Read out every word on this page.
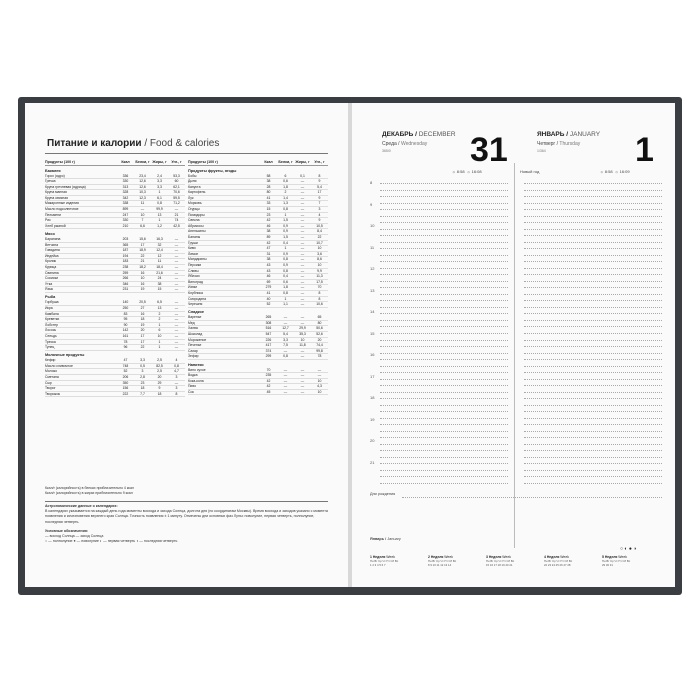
Питание и калории / Food & calories
Продукты (100 г)	Ккал	Белки, г Жиры, г	Угл., г
Бакалея
Горох (ядро)	336	23,4	2,4	53,3
Гречка	330	12,6	3,3	60
Крупа гречневая (ядрица)	313	12,6	3,3	62,1
Крупа манная	328	10,3	1	70,6
Крупа овсяная	342	12,3	6,1	59,5
Макаронные изделия	338	11	0,8	71,2
Масло подсолнечное	899	—	99,9	—
Пельмени	247	10	13	21
Рис	330	7	1	74
Хлеб ржаной	210	6,6	1,2	42,5
Мясо
Баранина	203	15,6	16,3	—
Ветчина	365	17	32	—
Говядина	187	18,9	12,4	—
Индейка	194	22	12	—
Кролик	183	21	11	—
Курица	238	18,2	18,4	—
Свинина	259	16	21,6	—
Сосиски	266	10	24	—
Утка	346	16	38	—
Язык	231	19	15	—
Рыба
Горбуша	140	20,5	6,5	—
Икра	250	27	13	—
Камбала	83	16	2	—
Креветки	95	18	2	—
Лобстер	90	19	1	—
Лосось	142	20	6	—
Сельдь	161	17	10	—
Треска	78	17	1	—
Тунец	96	22	1	—
Молочные продукты
Кефир	47	3,3	2,5	4
Масло сливочное	748	0,5	82,5	0,8
Молоко	52	3	2,5	4,7
Сметана	206	2,8	20	3
Сыр	350	23	29	—
Творог	156	18	9	3
Творожок	222	7,7	18	8
Продукты (100 г)	Ккал	Белки, г Жиры, г	Угл., г
Продукты фрукты, ягоды
Бобы	58	6	0,1	8
Дыня	38	0,6	—	9
Капуста	28	1,8	—	5,4
Картофель	80	2	—	17
Лук	41	1,4	—	9
Морковь	33	1,3	—	7
Огурцы	15	0,8	—	3
Помидоры	23	1	—	4
Свекла	42	1,5	—	9
Абрикосы	46	0,9	—	10,5
Апельсины	38	0,9	—	8,4
Бананы	89	1,5	—	22
Груши	42	0,4	—	10,7
Киви	47	1	—	10
Лимон	31	0,9	—	3,6
Мандарины	38	0,8	—	8,6
Персики	43	0,9	—	10
Сливы	43	0,8	—	9,9
Яблоки	46	0,4	—	11,3
Виноград	69	0,6	—	17,5
Изюм	279	1,8	—	70
Клубника	41	0,8	—	8
Смородина	40	1	—	8
Черешня	52	1,1	—	10,6
Сладкое
Варенье	265	—	—	65
Мед	308	—	—	80
Халва	516	12,7	29,9	50,6
Шоколад	547	5,4	35,3	52,6
Мороженое	226	3,3	10	20
Печенье	417	7,5	11,8	74,4
Сахар	374	—	—	99,8
Зефир	299	0,8	—	78
Напитки
Вино сухое	70	—	—	—
Водка	235	—	—	—
Кока-кола	42	—	—	10
Пиво	42	—	—	4,3
Сок	45	—	—	10
Ккал/г (калорийность) в белках приблизительно 4 ккал
Ккал/г (калорийность) в жирах приблизительно 9 ккал
Астрономические данные о календарях:
В календарях указывается на каждый день года моменты восхода и захода Солнца, долгота дня (по координатам Москвы). Время восхода и заходов указано с момента появления и исчезновения верхнего края Солнца. Точность появления ± 1 минуту. Отмечены дни основных фаз Луны: новолуние, первая четверть, полнолуние, последняя четверть.
Условные обозначения:
— восход Солнца — заход Солнца
○ — полнолуние ● — новолуние ◐ — первая четверть ◑ — последняя четверть
ДЕКАБРЬ / DECEMBER
Среда / Wednesday
365/0	31	ЯНВАРЬ / JANUARY
Четверг / Thursday
1/364	1
☼ 8:58 ☼ 16:08	Новый год	☼ 8:58 ☼ 16:09
8
9
10
11
12
13
14
15
16
17
18
19
20
21
Дни рождения
Январь / January
○ ◐ ● ◑
1 Неделя Week
Пн Вт Ср Чт Пт Сб Вс
1 2 3 4 5 6 7
2 Неделя Week
Пн Вт Ср Чт Пт Сб Вс
8 9 10 11 12 13 14
3 Неделя Week
Пн Вт Ср Чт Пт Сб Вс
15 16 17 18 19 20 21
4 Неделя Week
Пн Вт Ср Чт Пт Сб Вс
22 23 24 25 26 27 28
5 Неделя Week
Пн Вт Ср Чт Пт Сб Вс
29 30 31
